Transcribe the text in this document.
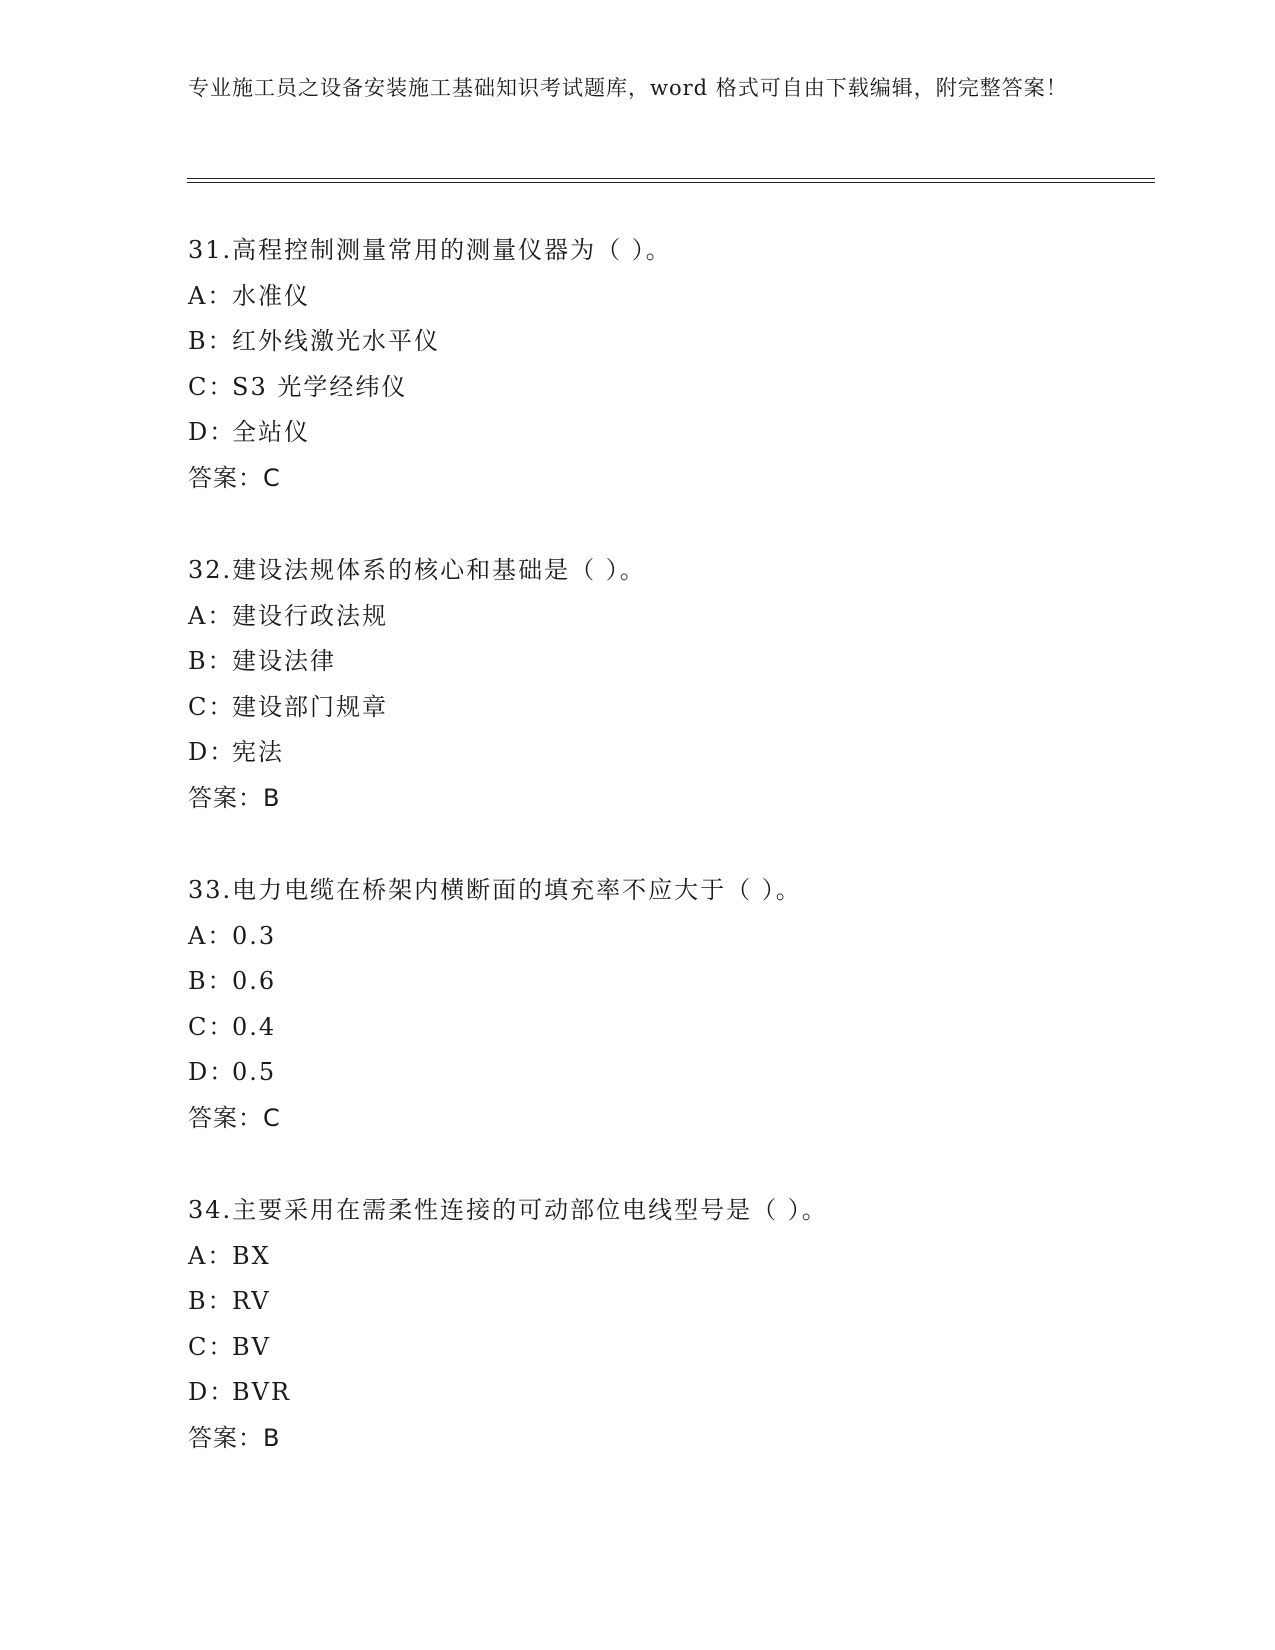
专业施工员之设备安装施工基础知识考试题库，word 格式可自由下载编辑，附完整答案！
31.高程控制测量常用的测量仪器为（ ）。
A：水准仪
B：红外线激光水平仪
C：S3 光学经纬仪
D：全站仪
答案：C
32.建设法规体系的核心和基础是（ ）。
A：建设行政法规
B：建设法律
C：建设部门规章
D：宪法
答案：B
33.电力电缆在桥架内横断面的填充率不应大于（ ）。
A：0.3
B：0.6
C：0.4
D：0.5
答案：C
34.主要采用在需柔性连接的可动部位电线型号是（ ）。
A：BX
B：RV
C：BV
D：BVR
答案：B
